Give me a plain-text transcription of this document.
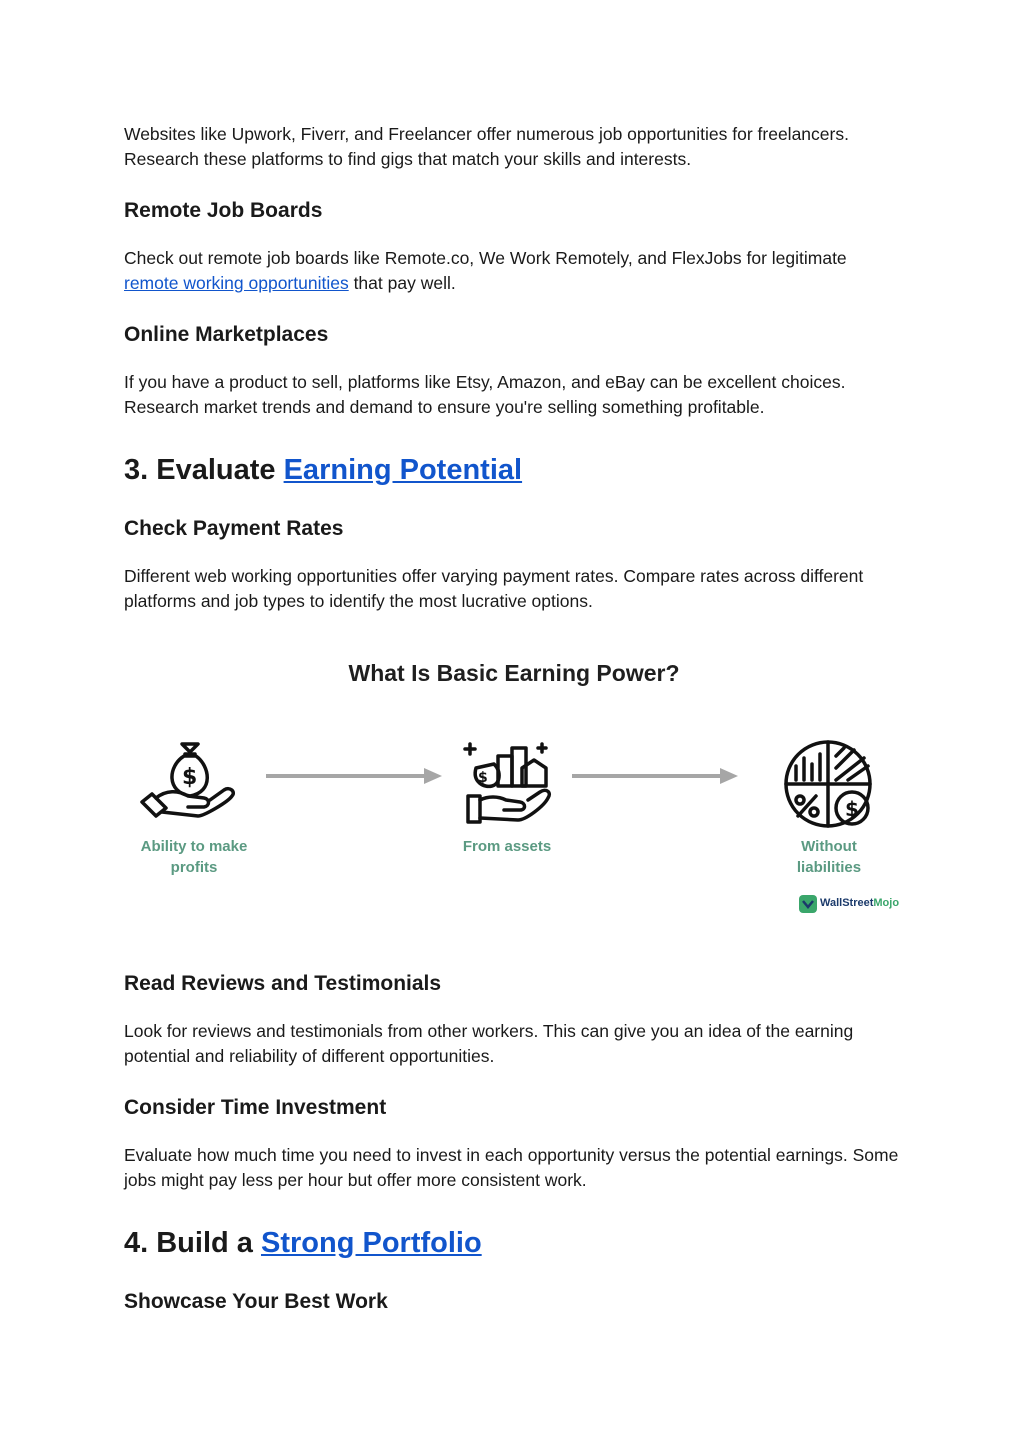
Websites like Upwork, Fiverr, and Freelancer offer numerous job opportunities for freelancers. Research these platforms to find gigs that match your skills and interests.

Remote Job Boards

Check out remote job boards like Remote.co, We Work Remotely, and FlexJobs for legitimate remote working opportunities that pay well.

Online Marketplaces

If you have a product to sell, platforms like Etsy, Amazon, and eBay can be excellent choices. Research market trends and demand to ensure you're selling something profitable.

3. Evaluate Earning Potential
Check Payment Rates

Different web working opportunities offer varying payment rates. Compare rates across different platforms and job types to identify the most lucrative options.

Read Reviews and Testimonials

Look for reviews and testimonials from other workers. This can give you an idea of the earning potential and reliability of different opportunities.

Consider Time Investment

Evaluate how much time you need to invest in each opportunity versus the potential earnings. Some jobs might pay less per hour but offer more consistent work.

4. Build a Strong Portfolio
Showcase Your Best Work
What Is Basic Earning Power?
$	$
$
Ability to make
profits
From assets	Without
liabilities
WallStreetMojo
